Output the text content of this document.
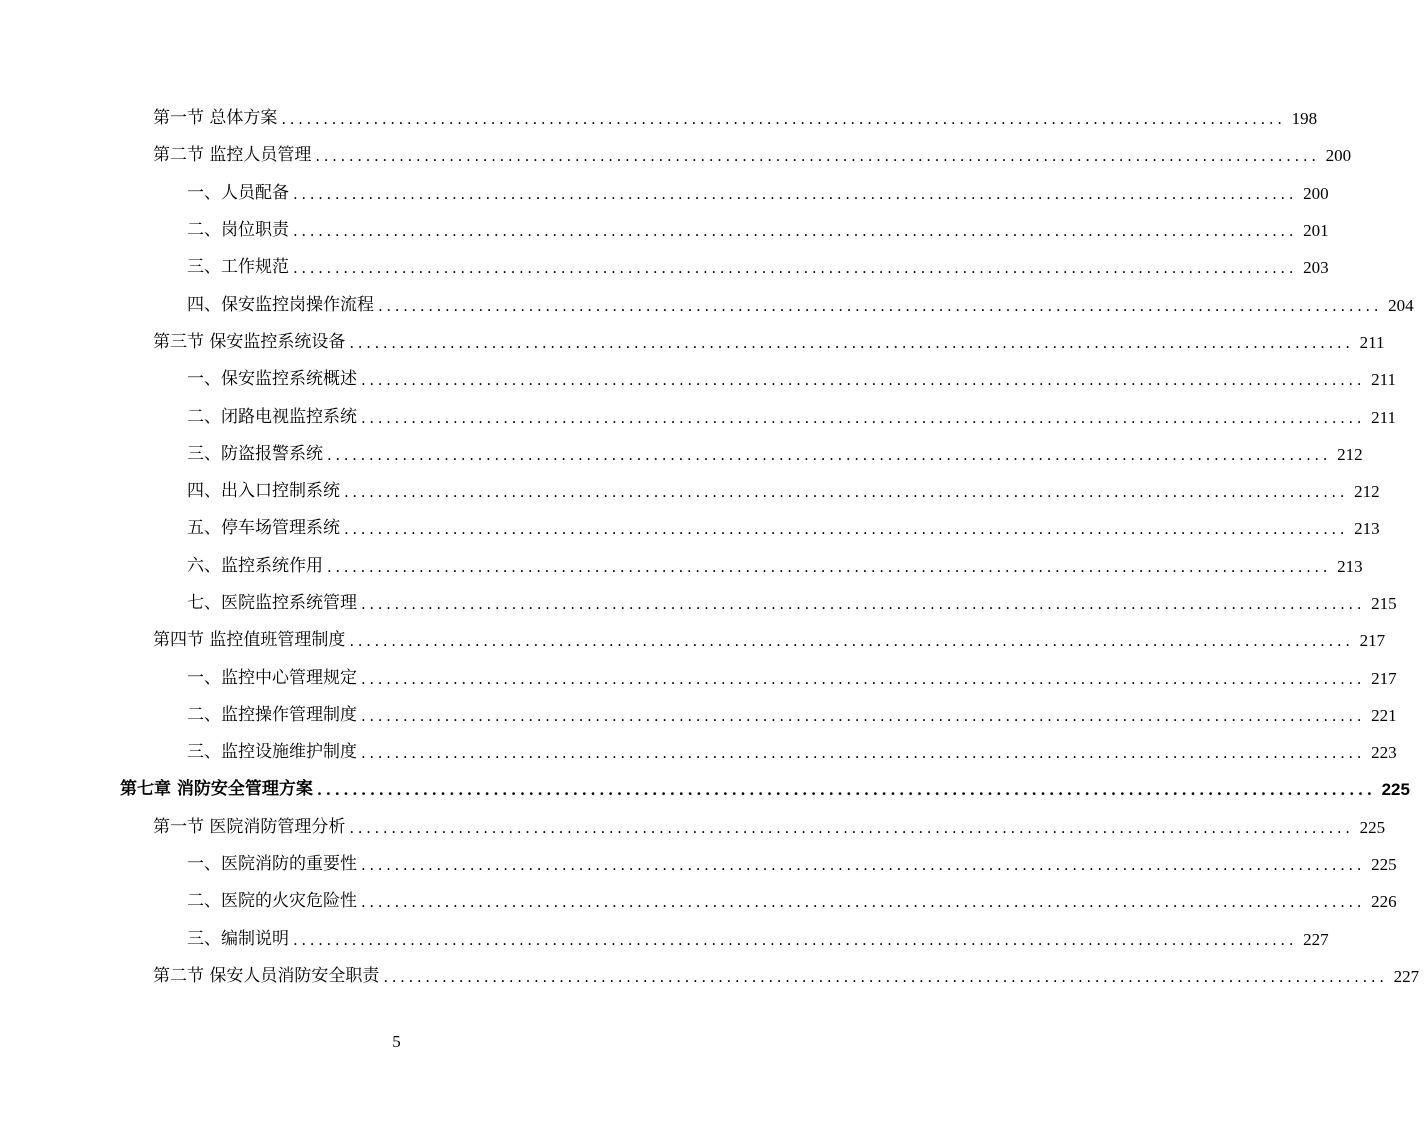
第一节 总体方案 ........................................................................................................................ 198
第二节 监控人员管理 ........................................................................................................................ 200
一、人员配备 ........................................................................................................................ 200
二、岗位职责 ........................................................................................................................ 201
三、工作规范 ........................................................................................................................ 203
四、保安监控岗操作流程 ........................................................................................................................ 204
第三节 保安监控系统设备 ........................................................................................................................ 211
一、保安监控系统概述 ........................................................................................................................ 211
二、闭路电视监控系统 ........................................................................................................................ 211
三、防盗报警系统 ........................................................................................................................ 212
四、出入口控制系统 ........................................................................................................................ 212
五、停车场管理系统 ........................................................................................................................ 213
六、监控系统作用 ........................................................................................................................ 213
七、医院监控系统管理 ........................................................................................................................ 215
第四节 监控值班管理制度 ........................................................................................................................ 217
一、监控中心管理规定 ........................................................................................................................ 217
二、监控操作管理制度 ........................................................................................................................ 221
三、监控设施维护制度 ........................................................................................................................ 223
第七章 消防安全管理方案 ........................................................................................................................ 225
第一节 医院消防管理分析 ........................................................................................................................ 225
一、医院消防的重要性 ........................................................................................................................ 225
二、医院的火灾危险性 ........................................................................................................................ 226
三、编制说明 ........................................................................................................................ 227
第二节 保安人员消防安全职责 ........................................................................................................................ 227
5
